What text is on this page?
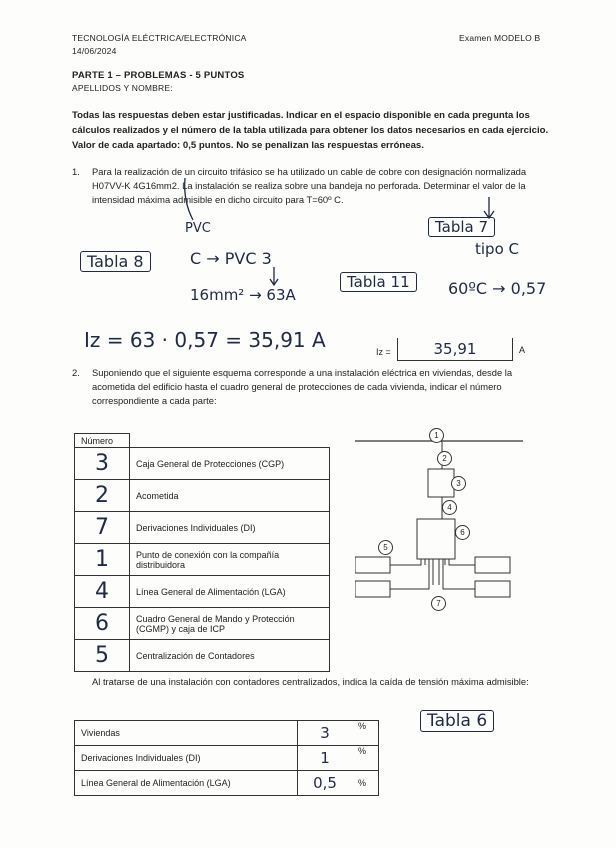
TECNOLOGÍA ELÉCTRICA/ELECTRÓNICA
14/06/2024
Examen MODELO B
PARTE 1 – PROBLEMAS - 5 PUNTOS
APELLIDOS Y NOMBRE:
Todas las respuestas deben estar justificadas. Indicar en el espacio disponible en cada pregunta los cálculos realizados y el número de la tabla utilizada para obtener los datos necesarios en cada ejercicio. Valor de cada apartado: 0,5 puntos. No se penalizan las respuestas erróneas.
1. Para la realización de un circuito trifásico se ha utilizado un cable de cobre con designación normalizada H07VV-K 4G16mm2. La instalación se realiza sobre una bandeja no perforada. Determinar el valor de la intensidad máxima admisible en dicho circuito para T=60º C.
PVC	Tabla 7
tipo C
Tabla 8	C → PVC 3
16mm² → 63A
Tabla 11	60ºC → 0,57
Iz = 63 · 0,57 = 35,91 A	Iz =	35,91	A
2. Suponiendo que el siguiente esquema corresponde a una instalación eléctrica en viviendas, desde la acometida del edificio hasta el cuadro general de protecciones de cada vivienda, indicar el número correspondiente a cada parte:
Número	
3	Caja General de Protecciones (CGP)
2	Acometida
7	Derivaciones Individuales (DI)
1	Punto de conexión con la compañía distribuidora
4	Línea General de Alimentación (LGA)
6	Cuadro General de Mando y Protección (CGMP) y caja de ICP
5	Centralización de Contadores
1
2
3
4
5
6
7
Al tratarse de una instalación con contadores centralizados, indica la caída de tensión máxima admisible:
Tabla 6
Viviendas	3	%
Derivaciones Individuales (DI)	1	%
Línea General de Alimentación (LGA)	0,5	%
